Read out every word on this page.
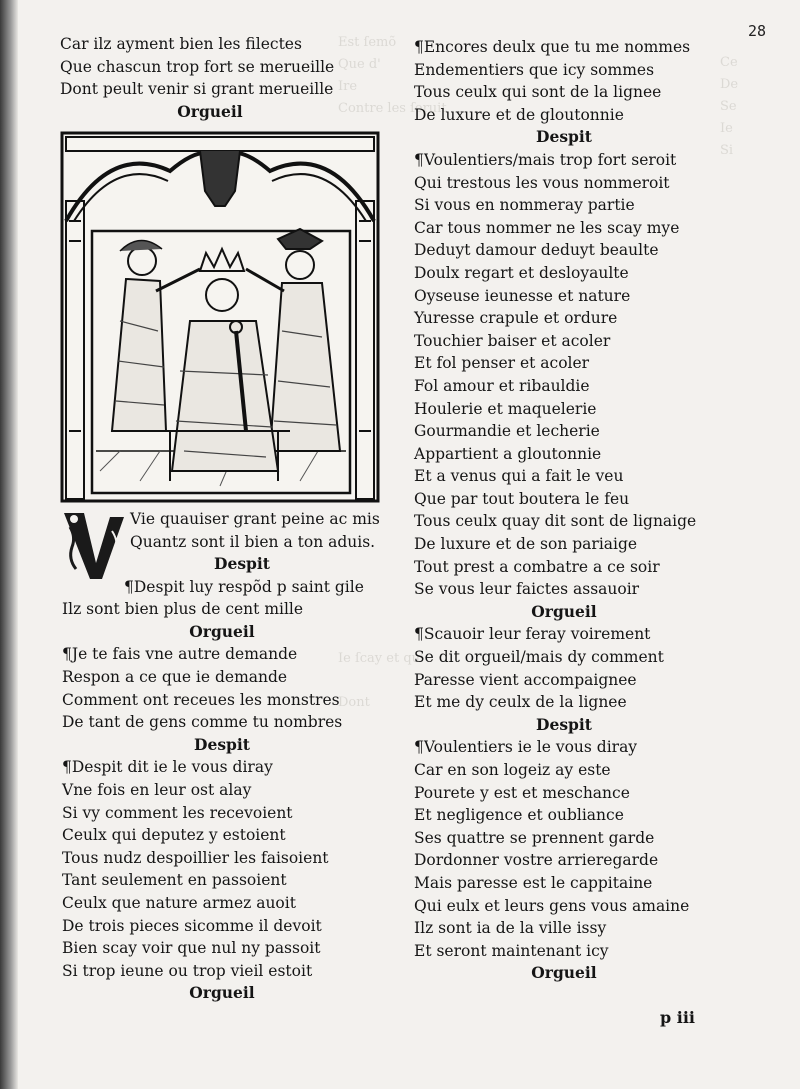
Est ſemõ
Que d'
Ire
Contre les ſeruit

Ie ſcay et qu'

Dont
Ce
De
Se
Ie
Si
28
Car ilz ayment bien les filectes
Que chascun trop fort se merueille
Dont peult venir si grant merueille
Orgueil
Vie quauiser grant peine ac mis
Quantz sont il bien a ton aduis.
Despit
¶Despit luy respõd p saint gile
Ilz sont bien plus de cent mille
Orgueil
¶Je te fais vne autre demande
Respon a ce que ie demande
Comment ont receues les monstres
De tant de gens comme tu nombres
Despit
¶Despit dit ie le vous diray
Vne fois en leur ost alay
Si vy comment les recevoient
Ceulx qui deputez y estoient
Tous nudz despoillier les faisoient
Tant seulement en passoient
Ceulx que nature armez auoit
De trois pieces sicomme il devoit
Bien scay voir que nul ny passoit
Si trop ieune ou trop vieil estoit
Orgueil
¶Encores deulx que tu me nommes
Endementiers que icy sommes
Tous ceulx qui sont de la lignee
De luxure et de gloutonnie
Despit
¶Voulentiers/mais trop fort seroit
Qui trestous les vous nommeroit
Si vous en nommeray partie
Car tous nommer ne les scay mye
Deduyt damour deduyt beaulte
Doulx regart et desloyaulte
Oyseuse ieunesse et nature
Yuresse crapule et ordure
Touchier baiser et acoler
Et fol penser et acoler
Fol amour et ribauldie
Houlerie et maquelerie
Gourmandie et lecherie
Appartient a gloutonnie
Et a venus qui a fait le veu
Que par tout boutera le feu
Tous ceulx quay dit sont de lignaige
De luxure et de son pariaige
Tout prest a combatre a ce soir
Se vous leur faictes assauoir
Orgueil
¶Scauoir leur feray voirement
Se dit orgueil/mais dy comment
Paresse vient accompaignee
Et me dy ceulx de la lignee
Despit
¶Voulentiers ie le vous diray
Car en son logeiz ay este
Pourete y est et meschance
Et negligence et oubliance
Ses quattre se prennent garde
Dordonner vostre arrieregarde
Mais paresse est le cappitaine
Qui eulx et leurs gens vous amaine
Ilz sont ia de la ville issy
Et seront maintenant icy
Orgueil
p iii
